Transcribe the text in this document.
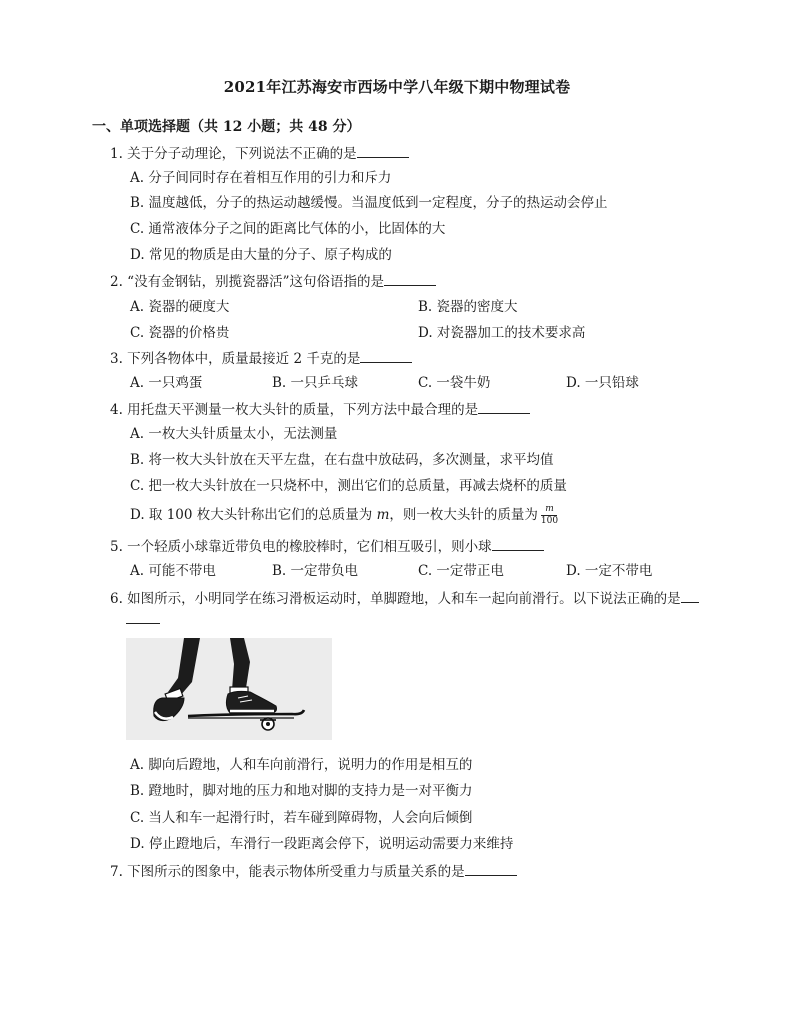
2021年江苏海安市西场中学八年级下期中物理试卷
一、单项选择题（共 12 小题；共 48 分）
1. 关于分子动理论，下列说法不正确的是
A. 分子间同时存在着相互作用的引力和斥力
B. 温度越低，分子的热运动越缓慢。当温度低到一定程度，分子的热运动会停止
C. 通常液体分子之间的距离比气体的小，比固体的大
D. 常见的物质是由大量的分子、原子构成的
2. “没有金钢钻，别揽瓷器活”这句俗语指的是
A. 瓷器的硬度大	B. 瓷器的密度大
C. 瓷器的价格贵	D. 对瓷器加工的技术要求高
3. 下列各物体中，质量最接近 2 千克的是
A. 一只鸡蛋	B. 一只乒乓球	C. 一袋牛奶	D. 一只铅球
4. 用托盘天平测量一枚大头针的质量，下列方法中最合理的是
A. 一枚大头针质量太小，无法测量
B. 将一枚大头针放在天平左盘，在右盘中放砝码，多次测量，求平均值
C. 把一枚大头针放在一只烧杯中，测出它们的总质量，再减去烧杯的质量
D. 取 100 枚大头针称出它们的总质量为 m，则一枚大头针的质量为 $\frac{m}{100}$
5. 一个轻质小球靠近带负电的橡胶棒时，它们相互吸引，则小球
A. 可能不带电	B. 一定带负电	C. 一定带正电	D. 一定不带电
6. 如图所示，小明同学在练习滑板运动时，单脚蹬地，人和车一起向前滑行。以下说法正确的是
A. 脚向后蹬地，人和车向前滑行，说明力的作用是相互的
B. 蹬地时，脚对地的压力和地对脚的支持力是一对平衡力
C. 当人和车一起滑行时，若车碰到障碍物，人会向后倾倒
D. 停止蹬地后，车滑行一段距离会停下，说明运动需要力来维持
7. 下图所示的图象中，能表示物体所受重力与质量关系的是
